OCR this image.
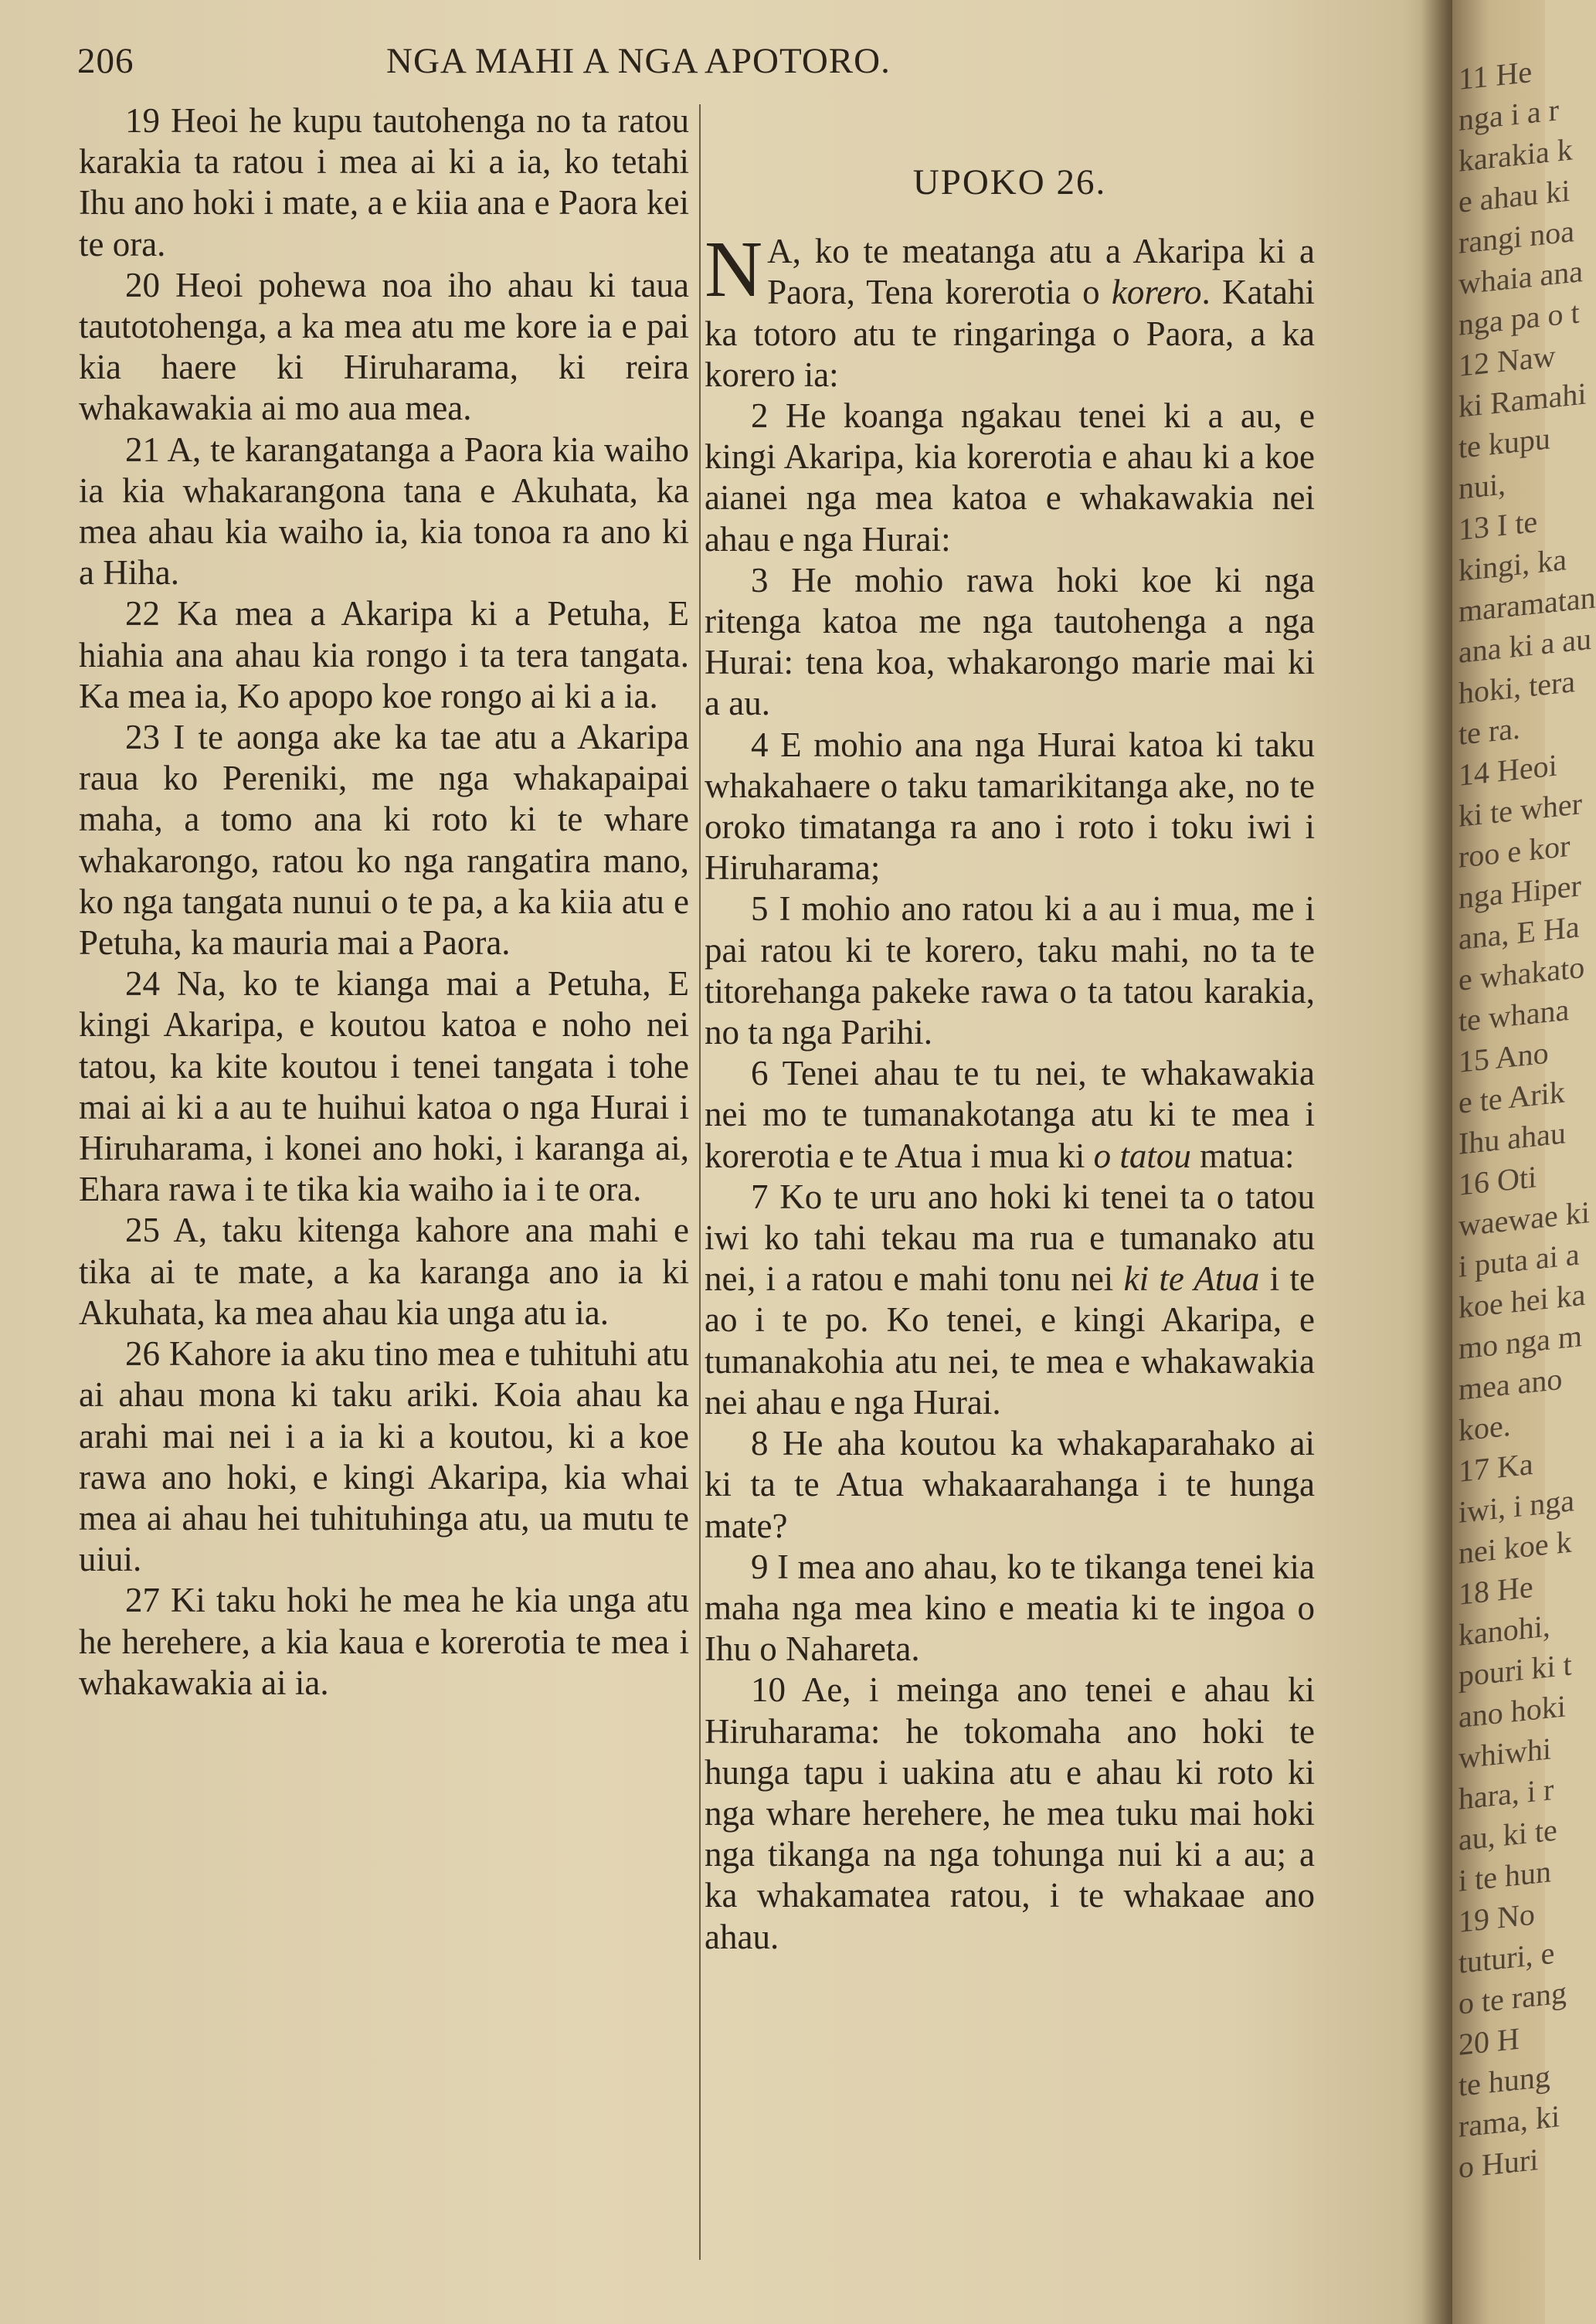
206	NGA MAHI A NGA APOTORO.

19 Heoi he kupu tautohenga no ta ratou karakia ta ratou i mea ai ki a ia, ko tetahi Ihu ano hoki i mate, a e kiia ana e Paora kei te ora.

20 Heoi pohewa noa iho ahau ki taua tautotohenga, a ka mea atu me kore ia e pai kia haere ki Hiruharama, ki reira whakawakia ai mo aua mea.

21 A, te karangatanga a Paora kia waiho ia kia whakarangona tana e Akuhata, ka mea ahau kia waiho ia, kia tonoa ra ano ki a Hiha.

22 Ka mea a Akaripa ki a Petuha, E hiahia ana ahau kia rongo i ta tera tangata. Ka mea ia, Ko apopo koe rongo ai ki a ia.

23 I te aonga ake ka tae atu a Akaripa raua ko Pereniki, me nga whakapaipai maha, a tomo ana ki roto ki te whare whakarongo, ratou ko nga rangatira mano, ko nga tangata nunui o te pa, a ka kiia atu e Petuha, ka mauria mai a Paora.

24 Na, ko te kianga mai a Petuha, E kingi Akaripa, e koutou katoa e noho nei tatou, ka kite koutou i tenei tangata i tohe mai ai ki a au te huihui katoa o nga Hurai i Hiruharama, i konei ano hoki, i karanga ai, Ehara rawa i te tika kia waiho ia i te ora.

25 A, taku kitenga kahore ana mahi e tika ai te mate, a ka karanga ano ia ki Akuhata, ka mea ahau kia unga atu ia.

26 Kahore ia aku tino mea e tuhituhi atu ai ahau mona ki taku ariki. Koia ahau ka arahi mai nei i a ia ki a koutou, ki a koe rawa ano hoki, e kingi Akaripa, kia whai mea ai ahau hei tuhituhinga atu, ua mutu te uiui.

27 Ki taku hoki he mea he kia unga atu he herehere, a kia kaua e korerotia te mea i whakawakia ai ia.

UPOKO 26.

N A, ko te meatanga atu a Akaripa ki a Paora, Tena korerotia o korero. Katahi ka totoro atu te ringaringa o Paora, a ka korero ia:

2 He koanga ngakau tenei ki a au, e kingi Akaripa, kia korerotia e ahau ki a koe aianei nga mea katoa e whakawakia nei ahau e nga Hurai:

3 He mohio rawa hoki koe ki nga ritenga katoa me nga tautohenga a nga Hurai: tena koa, whakarongo marie mai ki a au.

4 E mohio ana nga Hurai katoa ki taku whakahaere o taku tamarikitanga ake, no te oroko timatanga ra ano i roto i toku iwi i Hiruharama;

5 I mohio ano ratou ki a au i mua, me i pai ratou ki te korero, taku mahi, no ta te titorehanga pakeke rawa o ta tatou karakia, no ta nga Parihi.

6 Tenei ahau te tu nei, te whakawakia nei mo te tumanakotanga atu ki te mea i korerotia e te Atua i mua ki o tatou matua:

7 Ko te uru ano hoki ki tenei ta o tatou iwi ko tahi tekau ma rua e tumanako atu nei, i a ratou e mahi tonu nei ki te Atua i te ao i te po. Ko tenei, e kingi Akaripa, e tumanakohia atu nei, te mea e whakawakia nei ahau e nga Hurai.

8 He aha koutou ka whakaparahako ai ki ta te Atua whakaarahanga i te hunga mate?

9 I mea ano ahau, ko te tikanga tenei kia maha nga mea kino e meatia ki te ingoa o Ihu o Nahareta.

10 Ae, i meinga ano tenei e ahau ki Hiruharama: he tokomaha ano hoki te hunga tapu i uakina atu e ahau ki roto ki nga whare herehere, he mea tuku mai hoki nga tikanga na nga tohunga nui ki a au; a ka whakamatea ratou, i te whakaae ano ahau.

11 He
nga i a r
karakia k
e ahau ki
rangi noa
whaia ana
nga pa o t
12 Naw
ki Ramahi
te kupu
nui,
13 I te
kingi, ka
maramatan
ana ki a au
hoki, tera
te ra.
14 Heoi
ki te wher
roo e kor
nga Hiper
ana, E Ha
e whakato
te whana
15 Ano
e te Arik
Ihu ahau
16 Oti
waewae ki
i puta ai a
koe hei ka
mo nga m
mea ano
koe.
17 Ka
iwi, i nga
nei koe k
18 He
kanohi,
pouri ki t
ano hoki
whiwhi
hara, i r
au, ki te
i te hun
19 No
tuturi, e
o te rang
20 H
te hung
rama, ki
o Huri
